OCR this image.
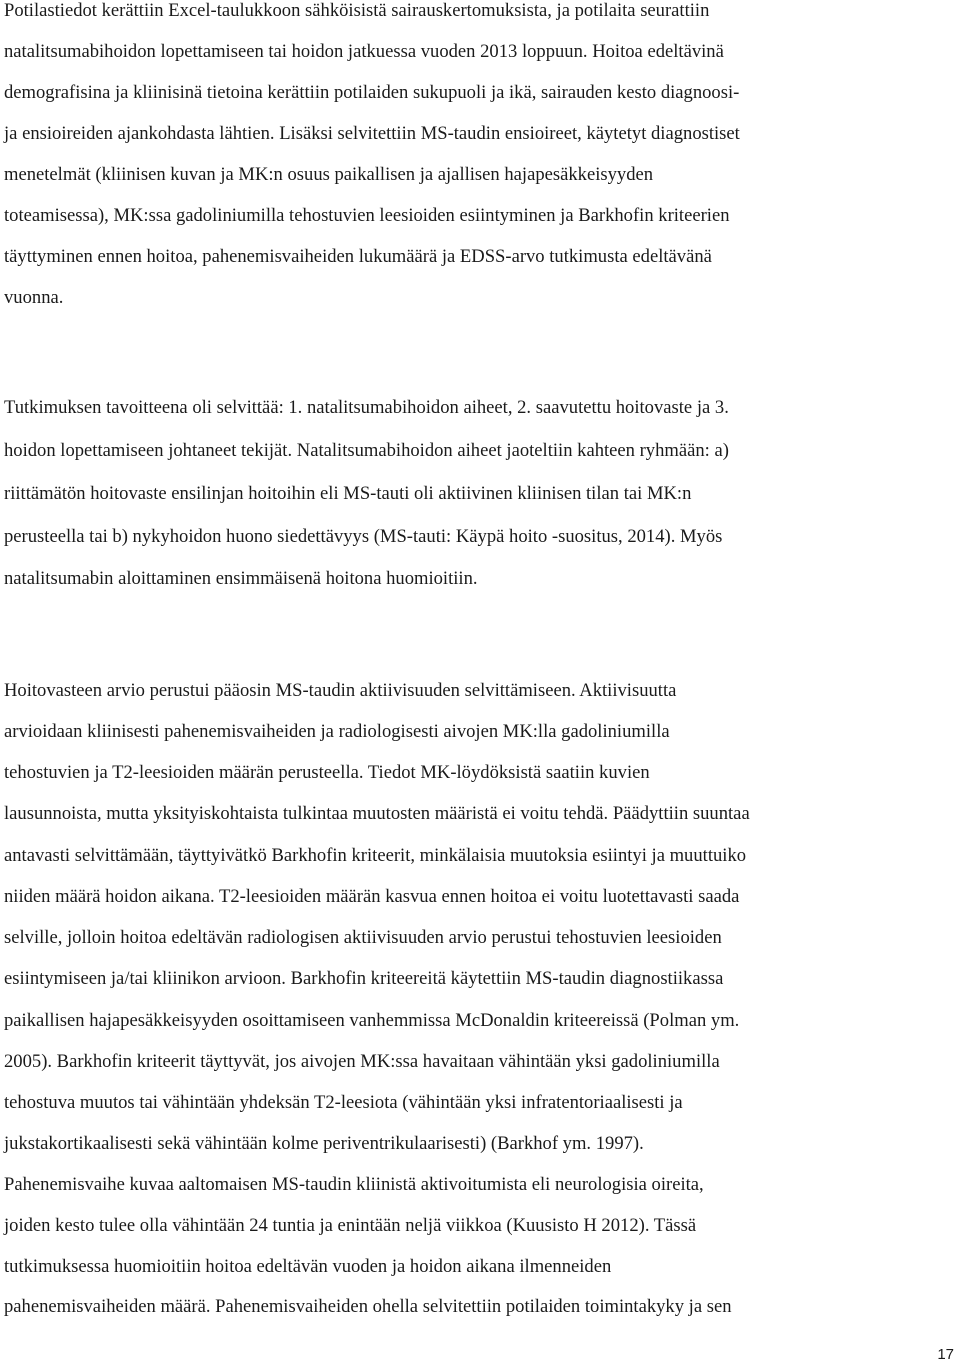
Potilastiedot kerättiin Excel-taulukkoon sähköisistä sairauskertomuksista, ja potilaita seurattiin
natalitsumabihoidon lopettamiseen tai hoidon jatkuessa vuoden 2013 loppuun. Hoitoa edeltävinä
demografisina ja kliinisinä tietoina kerättiin potilaiden sukupuoli ja ikä, sairauden kesto diagnoosi-
ja ensioireiden ajankohdasta lähtien. Lisäksi selvitettiin MS-taudin ensioireet, käytetyt diagnostiset
menetelmät (kliinisen kuvan ja MK:n osuus paikallisen ja ajallisen hajapesäkkeisyyden
toteamisessa), MK:ssa gadoliniumilla tehostuvien leesioiden esiintyminen ja Barkhofin kriteerien
täyttyminen ennen hoitoa, pahenemisvaiheiden lukumäärä ja EDSS-arvo tutkimusta edeltävänä
vuonna.
Tutkimuksen tavoitteena oli selvittää: 1. natalitsumabihoidon aiheet, 2. saavutettu hoitovaste ja 3.
hoidon lopettamiseen johtaneet tekijät. Natalitsumabihoidon aiheet jaoteltiin kahteen ryhmään: a)
riittämätön hoitovaste ensilinjan hoitoihin eli MS-tauti oli aktiivinen kliinisen tilan tai MK:n
perusteella tai b) nykyhoidon huono siedettävyys (MS-tauti: Käypä hoito -suositus, 2014). Myös
natalitsumabin aloittaminen ensimmäisenä hoitona huomioitiin.
Hoitovasteen arvio perustui pääosin MS-taudin aktiivisuuden selvittämiseen. Aktiivisuutta
arvioidaan kliinisesti pahenemisvaiheiden ja radiologisesti aivojen MK:lla gadoliniumilla
tehostuvien ja T2-leesioiden määrän perusteella. Tiedot MK-löydöksistä saatiin kuvien
lausunnoista, mutta yksityiskohtaista tulkintaa muutosten määristä ei voitu tehdä. Päädyttiin suuntaa
antavasti selvittämään, täyttyivätkö Barkhofin kriteerit, minkälaisia muutoksia esiintyi ja muuttuiko
niiden määrä hoidon aikana. T2-leesioiden määrän kasvua ennen hoitoa ei voitu luotettavasti saada
selville, jolloin hoitoa edeltävän radiologisen aktiivisuuden arvio perustui tehostuvien leesioiden
esiintymiseen ja/tai kliinikon arvioon. Barkhofin kriteereitä käytettiin MS-taudin diagnostiikassa
paikallisen hajapesäkkeisyyden osoittamiseen vanhemmissa McDonaldin kriteereissä (Polman ym.
2005). Barkhofin kriteerit täyttyvät, jos aivojen MK:ssa havaitaan vähintään yksi gadoliniumilla
tehostuva muutos tai vähintään yhdeksän T2-leesiota (vähintään yksi infratentoriaalisesti ja
jukstakortikaalisesti sekä vähintään kolme periventrikulaarisesti) (Barkhof ym. 1997).
Pahenemisvaihe kuvaa aaltomaisen MS-taudin kliinistä aktivoitumista eli neurologisia oireita,
joiden kesto tulee olla vähintään 24 tuntia ja enintään neljä viikkoa (Kuusisto H 2012). Tässä
tutkimuksessa huomioitiin hoitoa edeltävän vuoden ja hoidon aikana ilmenneiden
pahenemisvaiheiden määrä. Pahenemisvaiheiden ohella selvitettiin potilaiden toimintakyky ja sen
17
